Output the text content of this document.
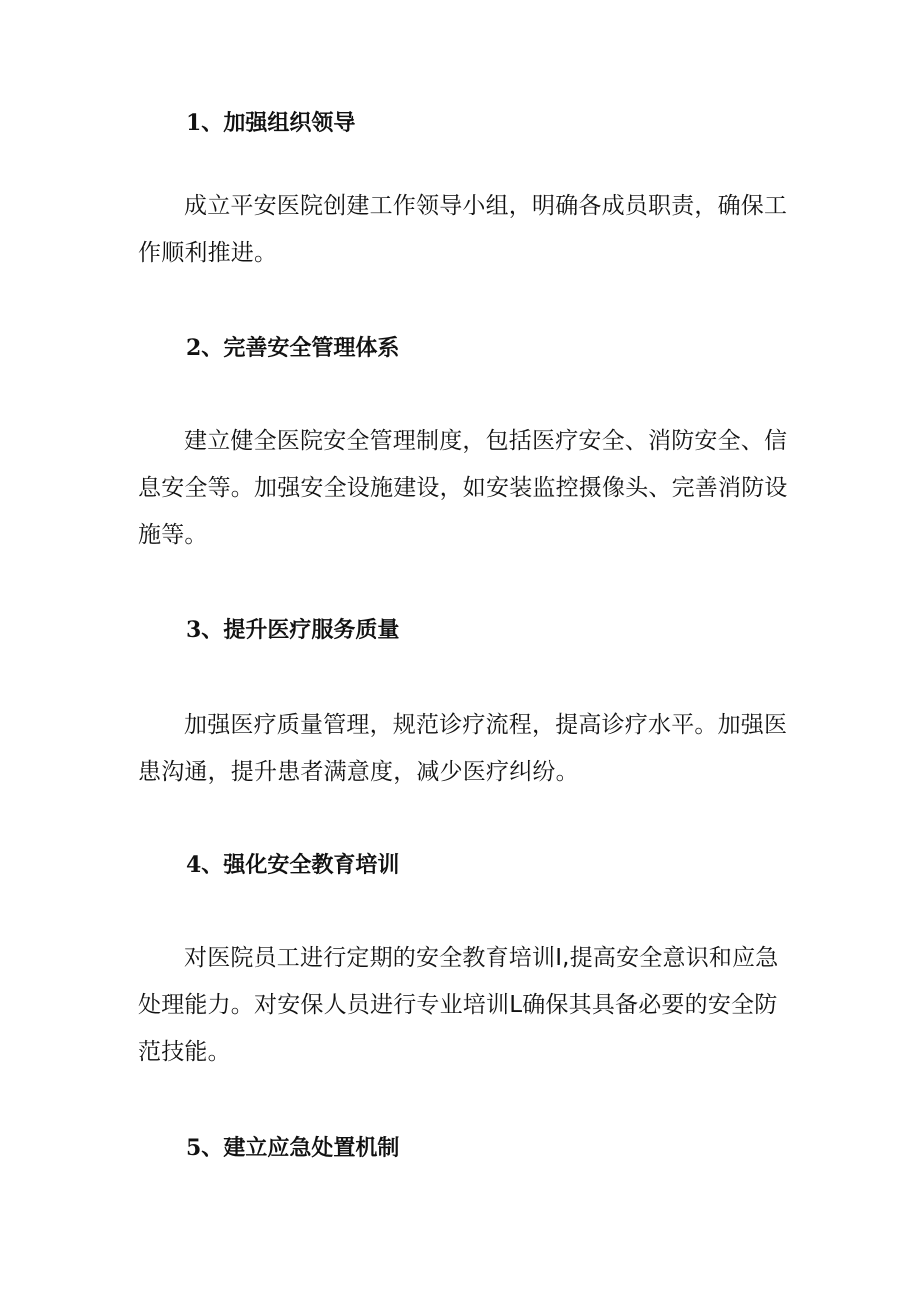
1、加强组织领导

成立平安医院创建工作领导小组，明确各成员职责，确保工作顺利推进。

2、完善安全管理体系

建立健全医院安全管理制度，包括医疗安全、消防安全、信息安全等。加强安全设施建设，如安装监控摄像头、完善消防设施等。

3、提升医疗服务质量

加强医疗质量管理，规范诊疗流程，提高诊疗水平。加强医患沟通，提升患者满意度，减少医疗纠纷。

4、强化安全教育培训

对医院员工进行定期的安全教育培训I,提高安全意识和应急处理能力。对安保人员进行专业培训L确保其具备必要的安全防范技能。

5、建立应急处置机制
